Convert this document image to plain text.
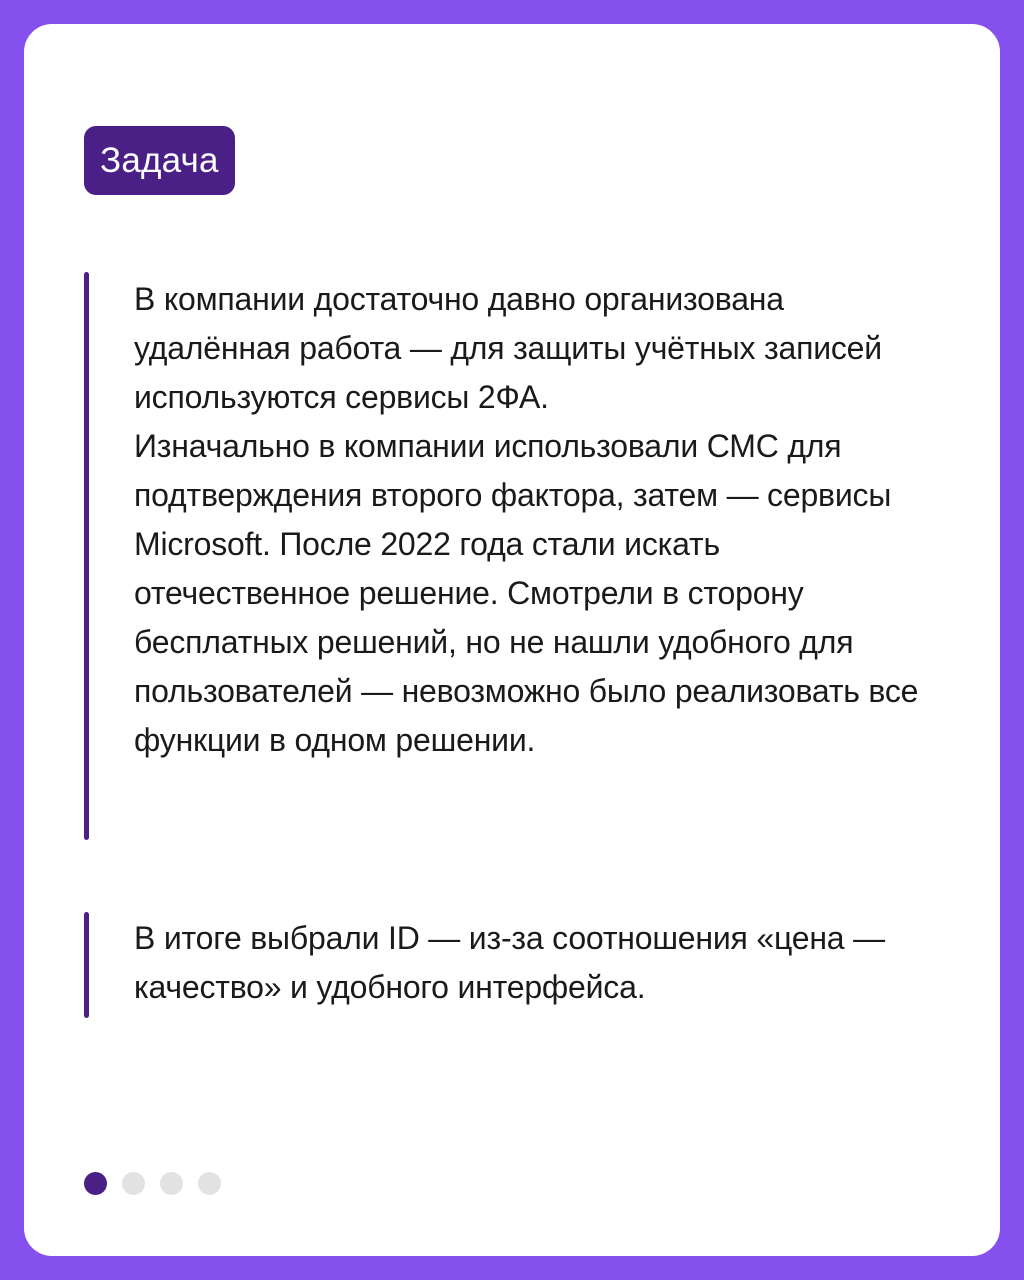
Задача

В компании достаточно давно организована удалённая работа — для защиты учётных записей используются сервисы 2ФА.

Изначально в компании использовали СМС для подтверждения второго фактора, затем — сервисы Microsoft. После 2022 года стали искать отечественное решение. Смотрели в сторону бесплатных решений, но не нашли удобного для пользователей — невозможно было реализовать все функции в одном решении.

В итоге выбрали ID — из-за соотношения «цена — качество» и удобного интерфейса.
